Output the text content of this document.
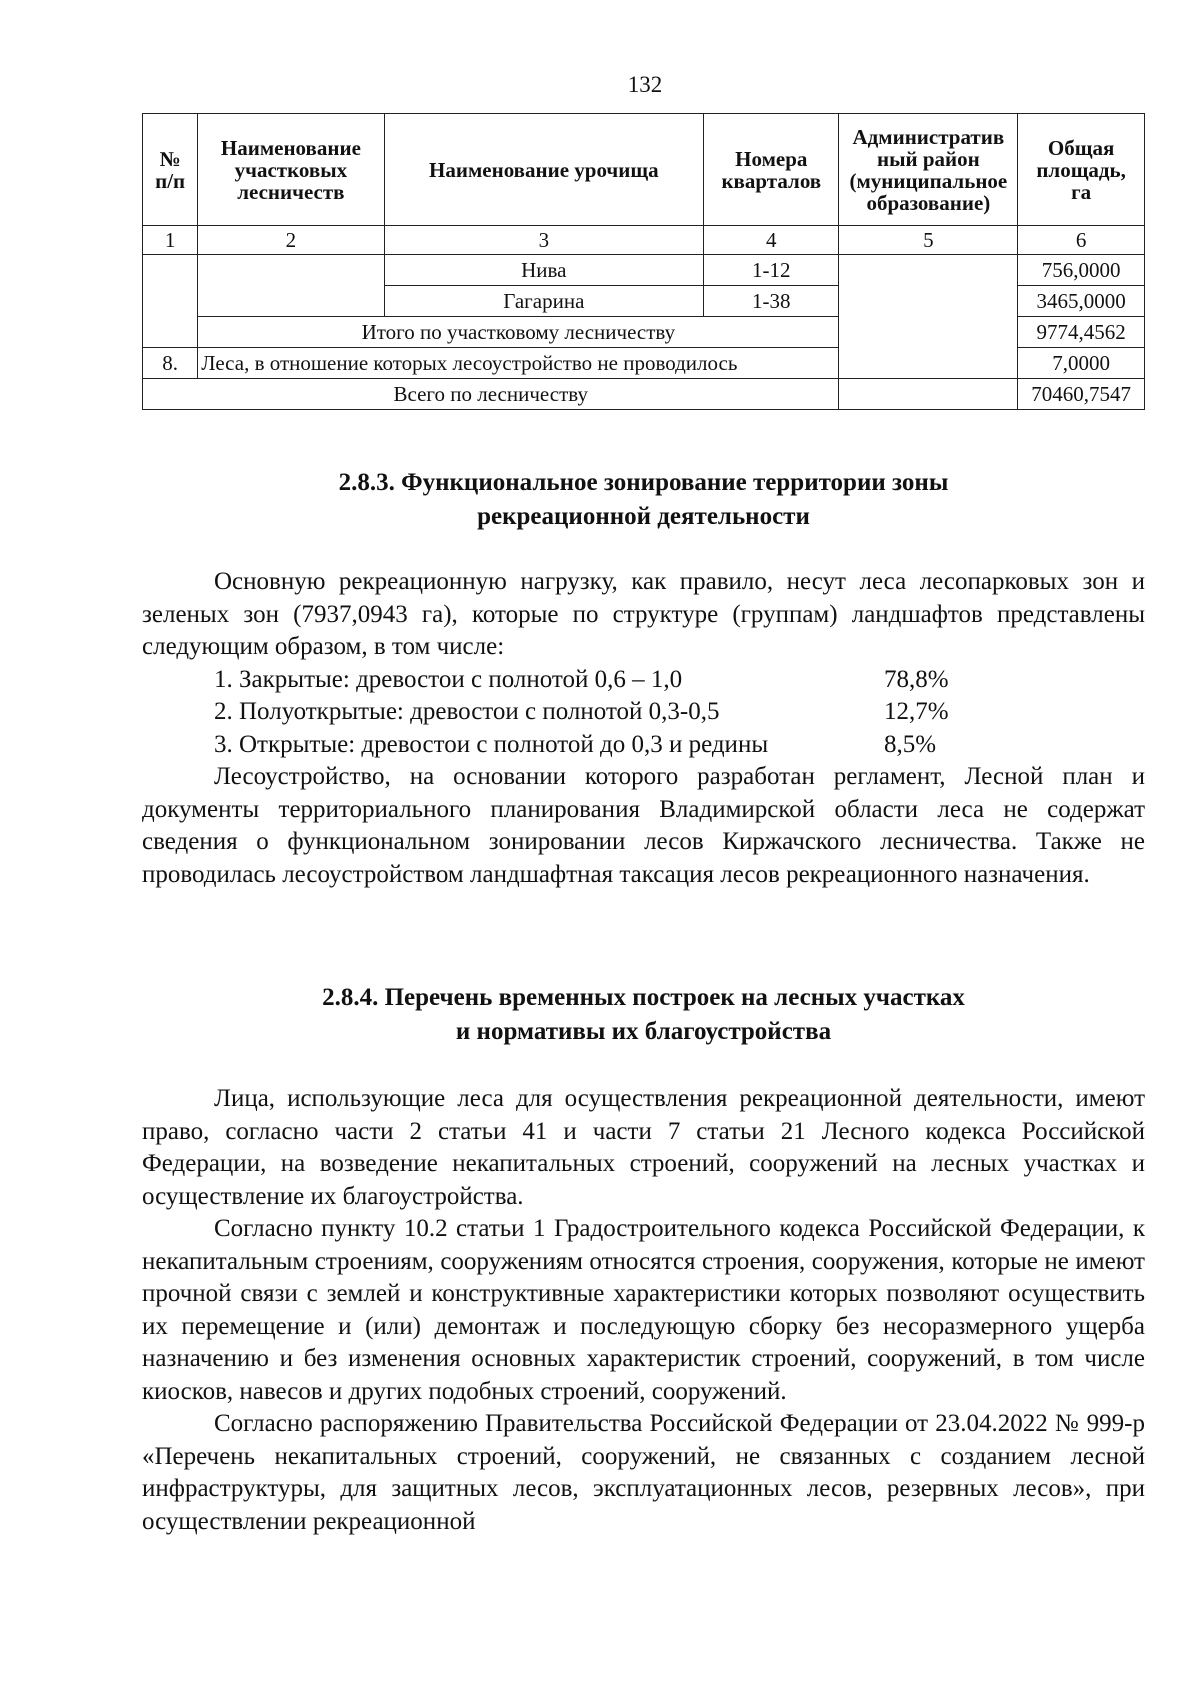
132
№
п/п	Наименование
участковых
лесничеств	Наименование урочища	Номера
кварталов	Административ
ный район
(муниципальное
образование)	Общая
площадь,
га
1	2	3	4	5	6
		Нива	1-12		756,0000
		Гагарина	1-38		3465,0000
	Итого по участковому лесничеству				9774,4562
8.	Леса, в отношение которых лесоустройство не проводилось				7,0000
Всего по лесничеству					70460,7547
2.8.3. Функциональное зонирование территории зоны
рекреационной деятельности

Основную рекреационную нагрузку, как правило, несут леса лесопарковых зон и зеленых зон (7937,0943 га), которые по структуре (группам) ландшафтов представлены следующим образом, в том числе:

1. Закрытые: древостои с полнотой 0,6 – 1,0	78,8%
2. Полуоткрытые: древостои с полнотой 0,3-0,5	12,7%
3. Открытые: древостои с полнотой до 0,3 и редины	8,5%

Лесоустройство, на основании которого разработан регламент, Лесной план и документы территориального планирования Владимирской области леса не содержат сведения о функциональном зонировании лесов Киржачского лесничества. Также не проводилась лесоустройством ландшафтная таксация лесов рекреационного назначения.

2.8.4. Перечень временных построек на лесных участках
и нормативы их благоустройства

Лица, использующие леса для осуществления рекреационной деятельности, имеют право, согласно части 2 статьи 41 и части 7 статьи 21 Лесного кодекса Российской Федерации, на возведение некапитальных строений, сооружений на лесных участках и осуществление их благоустройства.

Согласно пункту 10.2 статьи 1 Градостроительного кодекса Российской Федерации, к некапитальным строениям, сооружениям относятся строения, сооружения, которые не имеют прочной связи с землей и конструктивные характеристики которых позволяют осуществить их перемещение и (или) демонтаж и последующую сборку без несоразмерного ущерба назначению и без изменения основных характеристик строений, сооружений, в том числе киосков, навесов и других подобных строений, сооружений.

Согласно распоряжению Правительства Российской Федерации от 23.04.2022 № 999-р «Перечень некапитальных строений, сооружений, не связанных с созданием лесной инфраструктуры, для защитных лесов, эксплуатационных лесов, резервных лесов», при осуществлении рекреационной
